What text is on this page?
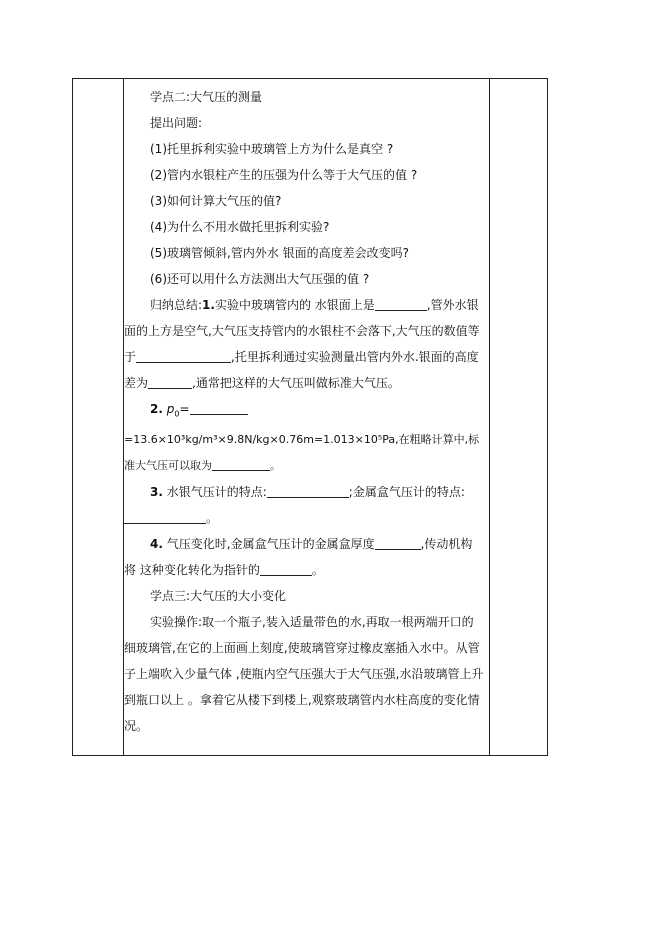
学点二:大气压的测量

提出问题:

(1)托里拆利实验中玻璃管上方为什么是真空 ?

(2)管内水银柱产生的压强为什么等于大气压的值 ?

(3)如何计算大气压的值?

(4)为什么不用水做托里拆利实验?

(5)玻璃管倾斜,管内外水 银面的高度差会改变吗?

(6)还可以用什么方法测出大气压强的值 ?

归纳总结:1.实验中玻璃管内的 水银面上是	,管外水银面的上方是空气,大气压支持管内的水银柱不会落下,大气压的数值等于	,托里拆利通过实验测量出管内外水.银面的高度差为	,通常把这样的大气压叫做标准大气压。

2. $p_0=$

=13.6×10³kg/m³×9.8N/kg×0.76m=1.013×10⁵Pa,在粗略计算中,标准大气压可以取为	。

3. 水银气压计的特点:	;金属盒气压计的特点:。

4. 气压变化时,金属盒气压计的金属盒厚度	,传动机构将 这种变化转化为指针的	。

学点三:大气压的大小变化

实验操作:取一个瓶子,装入适量带色的水,再取一根两端开口的细玻璃管,在它的上面画上刻度,使玻璃管穿过橡皮塞插入水中。从管子上端吹入少量气体 ,使瓶内空气压强大于大气压强,水沿玻璃管上升到瓶口以上 。拿着它从楼下到楼上,观察玻璃管内水柱高度的变化情况。
